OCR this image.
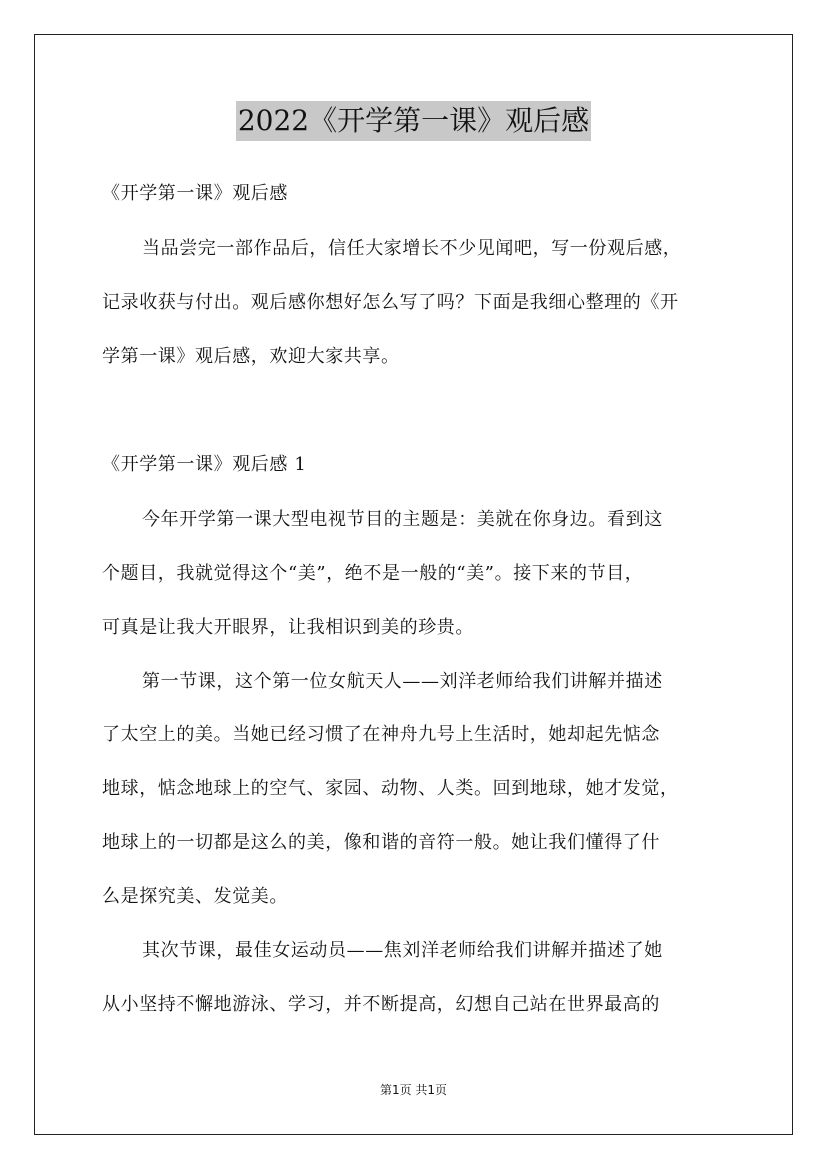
2022《开学第一课》观后感
《开学第一课》观后感
当品尝完一部作品后，信任大家增长不少见闻吧，写一份观后感，
记录收获与付出。观后感你想好怎么写了吗？下面是我细心整理的《开
学第一课》观后感，欢迎大家共享。
《开学第一课》观后感 1
今年开学第一课大型电视节目的主题是：美就在你身边。看到这
个题目，我就觉得这个“美”，绝不是一般的“美”。接下来的节目，
可真是让我大开眼界，让我相识到美的珍贵。
第一节课，这个第一位女航天人——刘洋老师给我们讲解并描述
了太空上的美。当她已经习惯了在神舟九号上生活时，她却起先惦念
地球，惦念地球上的空气、家园、动物、人类。回到地球，她才发觉，
地球上的一切都是这么的美，像和谐的音符一般。她让我们懂得了什
么是探究美、发觉美。
其次节课，最佳女运动员——焦刘洋老师给我们讲解并描述了她
从小坚持不懈地游泳、学习，并不断提高，幻想自己站在世界最高的
第1页 共1页
